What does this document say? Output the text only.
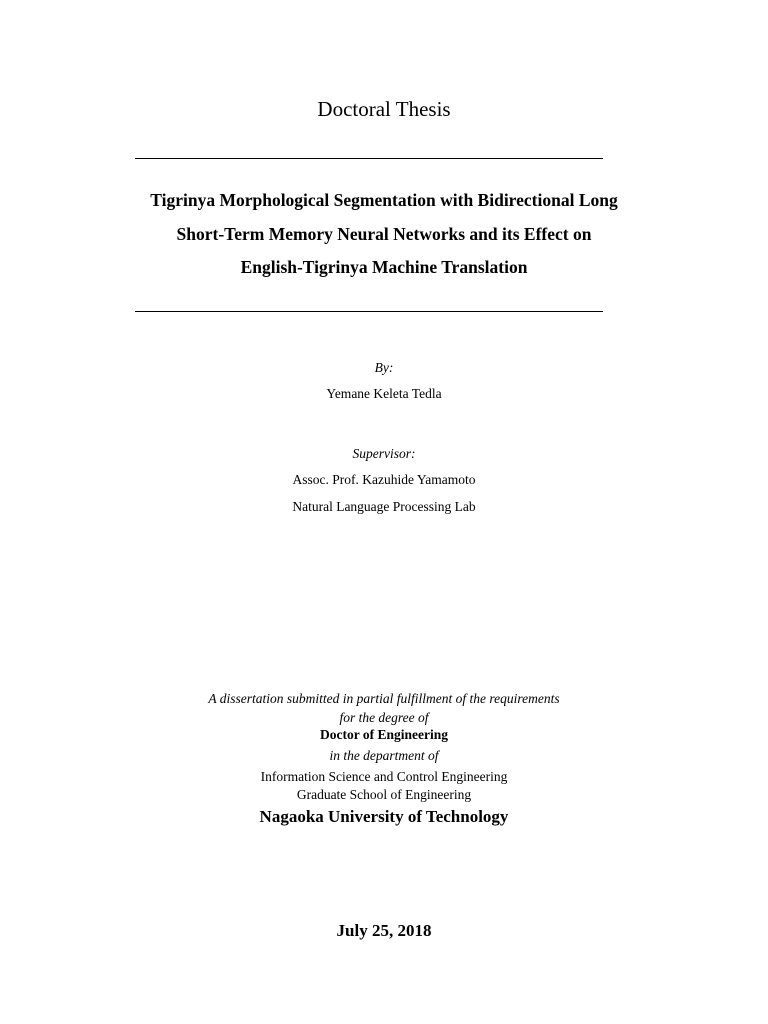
Doctoral Thesis

Tigrinya Morphological Segmentation with Bidirectional Long

Short-Term Memory Neural Networks and its Effect on

English-Tigrinya Machine Translation

By:

Yemane Keleta Tedla

Supervisor:

Assoc. Prof. Kazuhide Yamamoto

Natural Language Processing Lab

A dissertation submitted in partial fulfillment of the requirements

for the degree of

Doctor of Engineering

in the department of

Information Science and Control Engineering

Graduate School of Engineering

Nagaoka University of Technology

July 25, 2018
